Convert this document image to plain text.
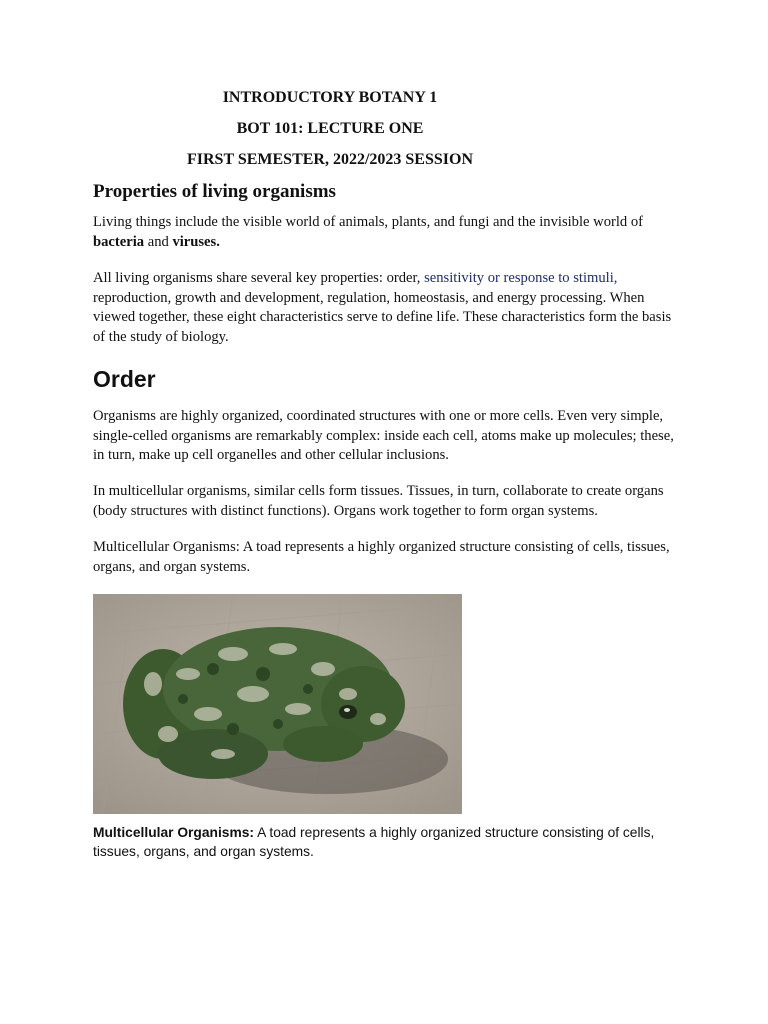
INTRODUCTORY BOTANY 1

BOT 101: LECTURE ONE

FIRST SEMESTER, 2022/2023 SESSION

Properties of living organisms

Living things include the visible world of animals, plants, and fungi and the invisible world of bacteria and viruses.

All living organisms share several key properties: order, sensitivity or response to stimuli, reproduction, growth and development, regulation, homeostasis, and energy processing. When viewed together, these eight characteristics serve to define life. These characteristics form the basis of the study of biology.

Order

Organisms are highly organized, coordinated structures with one or more cells. Even very simple, single-celled organisms are remarkably complex: inside each cell, atoms make up molecules; these, in turn, make up cell organelles and other cellular inclusions.

In multicellular organisms, similar cells form tissues. Tissues, in turn, collaborate to create organs (body structures with distinct functions). Organs work together to form organ systems.

Multicellular Organisms: A toad represents a highly organized structure consisting of cells, tissues, organs, and organ systems.

Multicellular Organisms: A toad represents a highly organized structure consisting of cells, tissues, organs, and organ systems.
